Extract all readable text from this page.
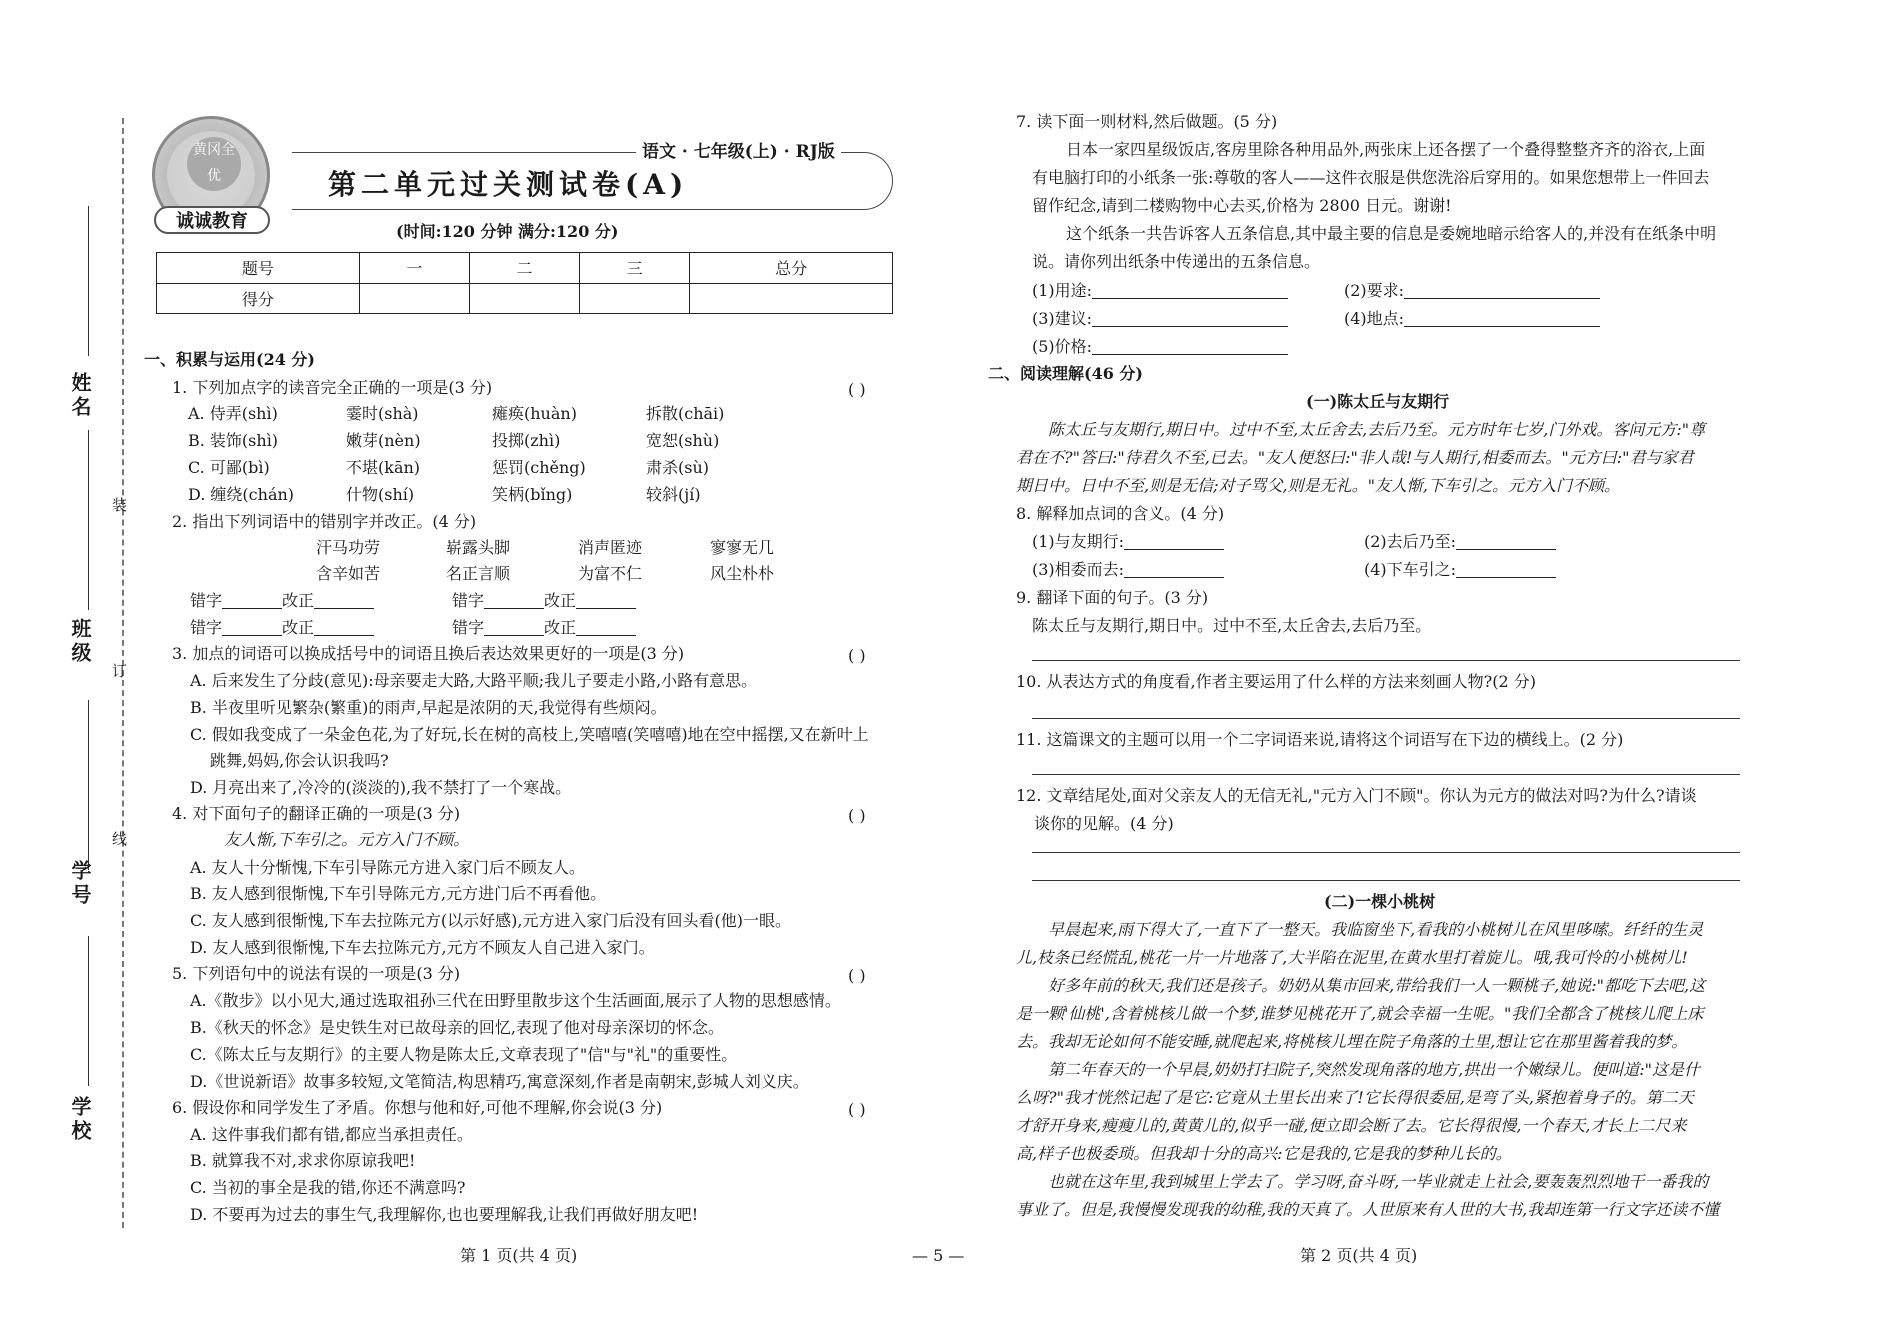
姓名
班级
学号
学校
装
订
线
黄冈全优
诚诚教育
语文 · 七年级(上) · RJ版
第二单元过关测试卷(A)
(时间:120 分钟 满分:120 分)
题号	一	二	三	总分
得分				
一、积累与运用(24 分)
1. 下列加点字的读音完全正确的一项是(3 分)	( )
A. 侍弄(shì)	霎时(shà)	瘫痪(huàn)	拆散(chāi)
B. 装饰(shì)	嫩芽(nèn)	投掷(zhì)	宽恕(shù)
C. 可鄙(bì)	不堪(kān)	惩罚(chěng)	肃杀(sù)
D. 缠绕(chán)	什物(shí)	笑柄(bǐng)	较斜(jí)
2. 指出下列词语中的错别字并改正。(4 分)
汗马功劳	崭露头脚	消声匿迹	寥寥无几
含辛如苦	名正言顺	为富不仁	风尘朴朴
错字	改正	错字	改正
错字	改正	错字	改正
3. 加点的词语可以换成括号中的词语且换后表达效果更好的一项是(3 分)	( )
A. 后来发生了分歧(意见):母亲要走大路,大路平顺;我儿子要走小路,小路有意思。
B. 半夜里听见繁杂(繁重)的雨声,早起是浓阴的天,我觉得有些烦闷。
C. 假如我变成了一朵金色花,为了好玩,长在树的高枝上,笑嘻嘻(笑嘻嘻)地在空中摇摆,又在新叶上
跳舞,妈妈,你会认识我吗?
D. 月亮出来了,冷冷的(淡淡的),我不禁打了一个寒战。
4. 对下面句子的翻译正确的一项是(3 分)	( )
友人惭,下车引之。元方入门不顾。
A. 友人十分惭愧,下车引导陈元方进入家门后不顾友人。
B. 友人感到很惭愧,下车引导陈元方,元方进门后不再看他。
C. 友人感到很惭愧,下车去拉陈元方(以示好感),元方进入家门后没有回头看(他)一眼。
D. 友人感到很惭愧,下车去拉陈元方,元方不顾友人自己进入家门。
5. 下列语句中的说法有误的一项是(3 分)	( )
A.《散步》以小见大,通过选取祖孙三代在田野里散步这个生活画面,展示了人物的思想感情。
B.《秋天的怀念》是史铁生对已故母亲的回忆,表现了他对母亲深切的怀念。
C.《陈太丘与友期行》的主要人物是陈太丘,文章表现了"信"与"礼"的重要性。
D.《世说新语》故事多较短,文笔简洁,构思精巧,寓意深刻,作者是南朝宋,彭城人刘义庆。
6. 假设你和同学发生了矛盾。你想与他和好,可他不理解,你会说(3 分)	( )
A. 这件事我们都有错,都应当承担责任。
B. 就算我不对,求求你原谅我吧!
C. 当初的事全是我的错,你还不满意吗?
D. 不要再为过去的事生气,我理解你,也也要理解我,让我们再做好朋友吧!
7. 读下面一则材料,然后做题。(5 分)
日本一家四星级饭店,客房里除各种用品外,两张床上还各摆了一个叠得整整齐齐的浴衣,上面
有电脑打印的小纸条一张:尊敬的客人——这件衣服是供您洗浴后穿用的。如果您想带上一件回去
留作纪念,请到二楼购物中心去买,价格为 2800 日元。谢谢!
这个纸条一共告诉客人五条信息,其中最主要的信息是委婉地暗示给客人的,并没有在纸条中明
说。请你列出纸条中传递出的五条信息。
(1)用途:	(2)要求:
(3)建议:	(4)地点:
(5)价格:
二、阅读理解(46 分)
(一)陈太丘与友期行
陈太丘与友期行,期日中。过中不至,太丘舍去,去后乃至。元方时年七岁,门外戏。客问元方:"尊
君在不?"答曰:"待君久不至,已去。"友人便怒曰:"非人哉!与人期行,相委而去。"元方曰:"君与家君
期日中。日中不至,则是无信;对子骂父,则是无礼。"友人惭,下车引之。元方入门不顾。
8. 解释加点词的含义。(4 分)
(1)与友期行:	(2)去后乃至:
(3)相委而去:	(4)下车引之:
9. 翻译下面的句子。(3 分)
陈太丘与友期行,期日中。过中不至,太丘舍去,去后乃至。
10. 从表达方式的角度看,作者主要运用了什么样的方法来刻画人物?(2 分)
11. 这篇课文的主题可以用一个二字词语来说,请将这个词语写在下边的横线上。(2 分)
12. 文章结尾处,面对父亲友人的无信无礼,"元方入门不顾"。你认为元方的做法对吗?为什么?请谈
谈你的见解。(4 分)
(二)一棵小桃树
早晨起来,雨下得大了,一直下了一整天。我临窗坐下,看我的小桃树儿在风里哆嗦。纤纤的生灵
儿,枝条已经慌乱,桃花一片一片地落了,大半陷在泥里,在黄水里打着旋儿。哦,我可怜的小桃树儿!
好多年前的秋天,我们还是孩子。奶奶从集市回来,带给我们一人一颗桃子,她说:"都吃下去吧,这
是一颗'仙桃',含着桃核儿做一个梦,谁梦见桃花开了,就会幸福一生呢。"我们全都含了桃核儿爬上床
去。我却无论如何不能安睡,就爬起来,将桃核儿埋在院子角落的土里,想让它在那里酱着我的梦。
第二年春天的一个早晨,奶奶打扫院子,突然发现角落的地方,拱出一个嫩绿儿。便叫道:"这是什
么呀?"我才恍然记起了是它:它竟从土里长出来了!它长得很委屈,是弯了头,紧抱着身子的。第二天
才舒开身来,瘦瘦儿的,黄黄儿的,似乎一碰,便立即会断了去。它长得很慢,一个春天,才长上二尺来
高,样子也极委琐。但我却十分的高兴:它是我的,它是我的梦种儿长的。
也就在这年里,我到城里上学去了。学习呀,奋斗呀,一毕业就走上社会,要轰轰烈烈地干一番我的
事业了。但是,我慢慢发现我的幼稚,我的天真了。人世原来有人世的大书,我却连第一行文字还读不懂
第 1 页(共 4 页)	— 5 —	第 2 页(共 4 页)
